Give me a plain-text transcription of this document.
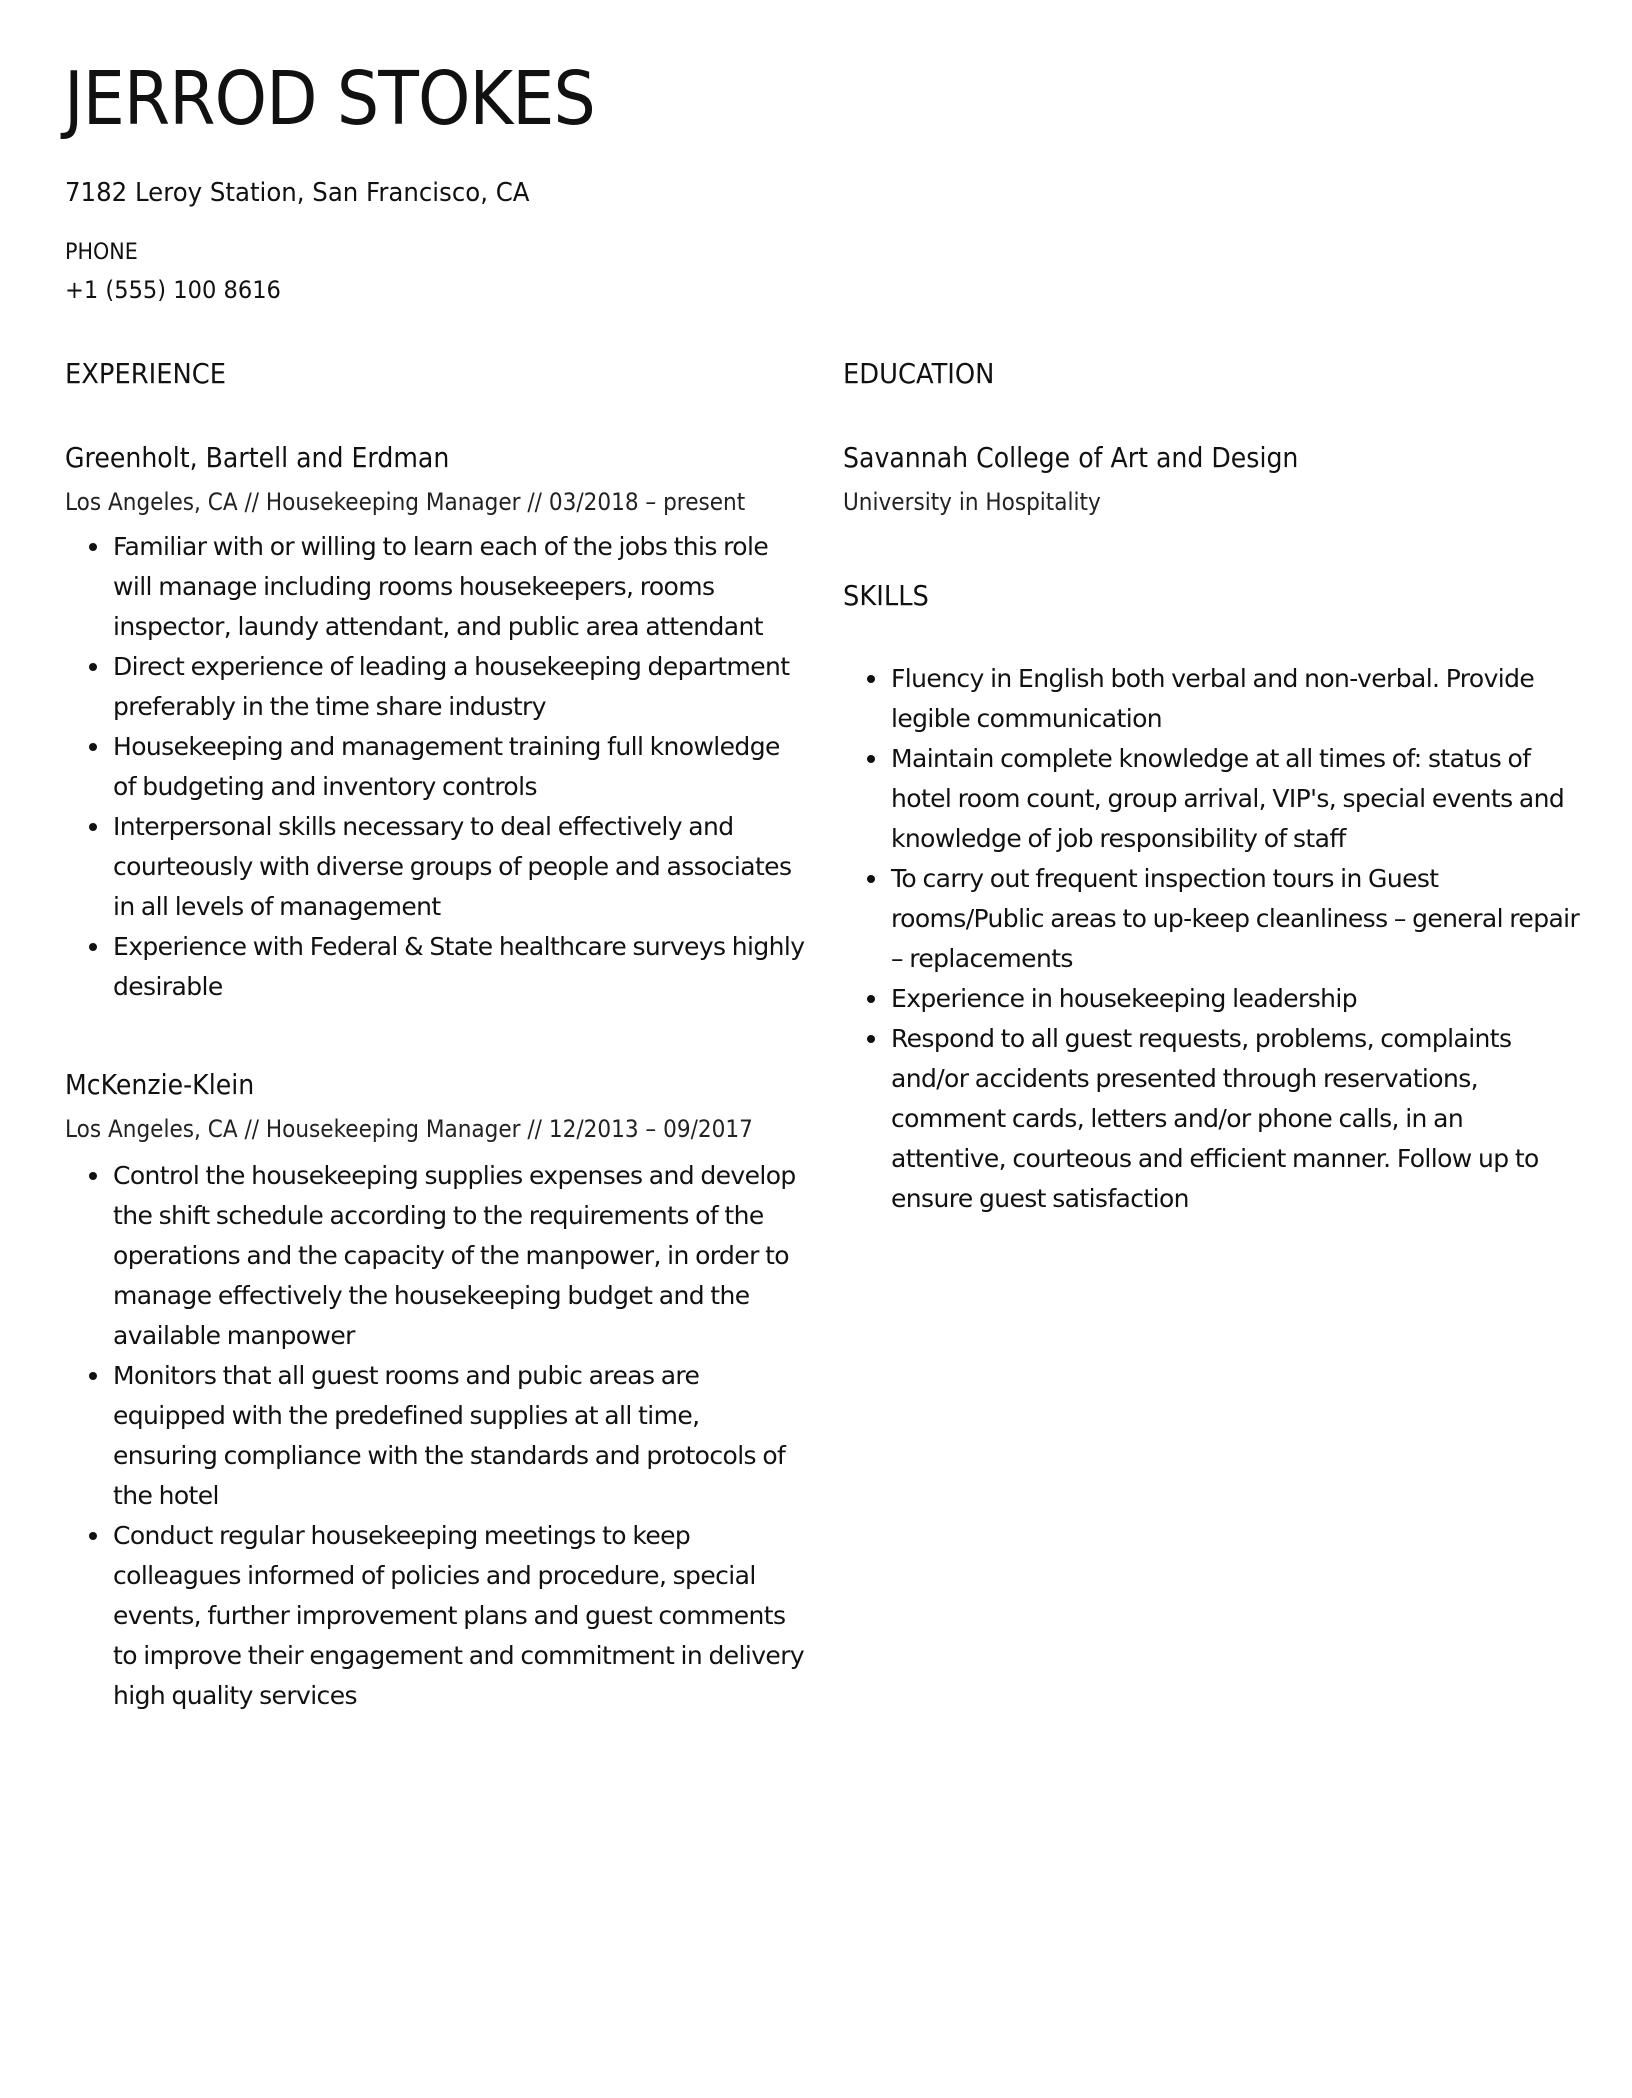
JERROD STOKES
7182 Leroy Station, San Francisco, CA
PHONE
+1 (555) 100 8616
EXPERIENCE
Greenholt, Bartell and Erdman
Los Angeles, CA // Housekeeping Manager // 03/2018 – present
Familiar with or willing to learn each of the jobs this role will manage including rooms housekeepers, rooms inspector, laundy attendant, and public area attendant
Direct experience of leading a housekeeping department preferably in the time share industry
Housekeeping and management training full knowledge of budgeting and inventory controls
Interpersonal skills necessary to deal effectively and courteously with diverse groups of people and associates in all levels of management
Experience with Federal & State healthcare surveys highly desirable
McKenzie-Klein
Los Angeles, CA // Housekeeping Manager // 12/2013 – 09/2017
Control the housekeeping supplies expenses and develop the shift schedule according to the requirements of the operations and the capacity of the manpower, in order to manage effectively the housekeeping budget and the available manpower
Monitors that all guest rooms and pubic areas are equipped with the predefined supplies at all time, ensuring compliance with the standards and protocols of the hotel
Conduct regular housekeeping meetings to keep colleagues informed of policies and procedure, special events, further improvement plans and guest comments to improve their engagement and commitment in delivery high quality services
EDUCATION
Savannah College of Art and Design
University in Hospitality
SKILLS
Fluency in English both verbal and non-verbal. Provide legible communication
Maintain complete knowledge at all times of: status of hotel room count, group arrival, VIP's, special events and knowledge of job responsibility of staff
To carry out frequent inspection tours in Guest rooms/Public areas to up-keep cleanliness – general repair – replacements
Experience in housekeeping leadership
Respond to all guest requests, problems, complaints and/or accidents presented through reservations, comment cards, letters and/or phone calls, in an attentive, courteous and efficient manner. Follow up to ensure guest satisfaction
